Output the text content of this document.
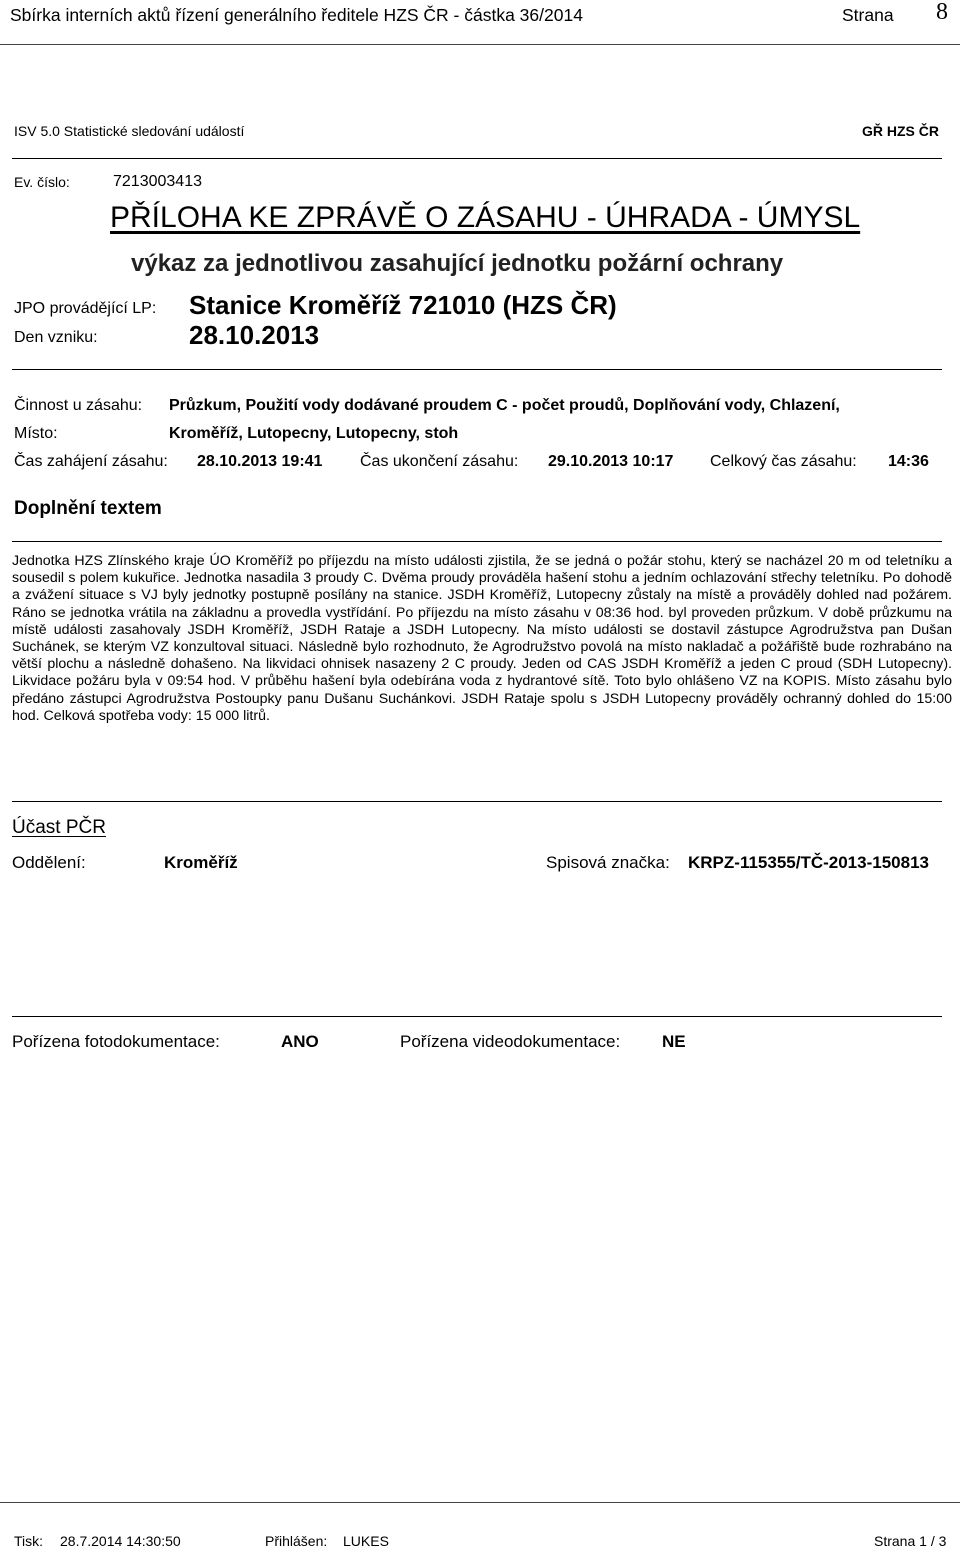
Sbírka interních aktů řízení generálního ředitele HZS ČR - částka 36/2014	Strana 8
ISV 5.0 Statistické sledování událostí	GŘ HZS ČR
Ev. číslo:	7213003413
PŘÍLOHA KE ZPRÁVĚ O ZÁSAHU - ÚHRADA - ÚMYSL
výkaz za jednotlivou zasahující jednotku požární ochrany
JPO provádějící LP: Stanice Kroměříž 721010 (HZS ČR)
Den vzniku:	28.10.2013
Činnost u zásahu: Průzkum, Použití vody dodávané proudem C - počet proudů, Doplňování vody, Chlazení,
Místo:	Kroměříž, Lutopecny, Lutopecny, stoh
Čas zahájení zásahu: 28.10.2013 19:41 Čas ukončení zásahu: 29.10.2013 10:17 Celkový čas zásahu: 14:36
Doplnění textem
Jednotka HZS Zlínského kraje ÚO Kroměříž po příjezdu na místo události zjistila, že se jedná o požár stohu, který se nacházel 20 m od teletníku a sousedil s polem kukuřice. Jednotka nasadila 3 proudy C. Dvěma proudy prováděla hašení stohu a jedním ochlazování střechy teletníku. Po dohodě a zvážení situace s VJ byly jednotky postupně posílány na stanice. JSDH Kroměříž, Lutopecny zůstaly na místě a prováděly dohled nad požárem. Ráno se jednotka vrátila na základnu a provedla vystřídání. Po příjezdu na místo zásahu v 08:36 hod. byl proveden průzkum. V době průzkumu na místě události zasahovaly JSDH Kroměříž, JSDH Rataje a JSDH Lutopecny. Na místo události se dostavil zástupce Agrodružstva pan Dušan Suchánek, se kterým VZ konzultoval situaci. Následně bylo rozhodnuto, že Agrodružstvo povolá na místo nakladač a požářiště bude rozhrabáno na větší plochu a následně dohašeno. Na likvidaci ohnisek nasazeny 2 C proudy. Jeden od CAS JSDH Kroměříž a jeden C proud (SDH Lutopecny). Likvidace požáru byla v 09:54 hod. V průběhu hašení byla odebírána voda z hydrantové sítě. Toto bylo ohlášeno VZ na KOPIS. Místo zásahu bylo předáno zástupci Agrodružstva Postoupky panu Dušanu Suchánkovi. JSDH Rataje spolu s JSDH Lutopecny prováděly ochranný dohled do 15:00 hod. Celková spotřeba vody: 15 000 litrů.
Účast PČR
Oddělení:	Kroměříž	Spisová značka: KRPZ-115355/TČ-2013-150813
Pořízena fotodokumentace:	ANO	Pořízena videodokumentace: NE
Tisk: 28.7.2014 14:30:50	Přihlášen: LUKES	Strana 1 / 3
